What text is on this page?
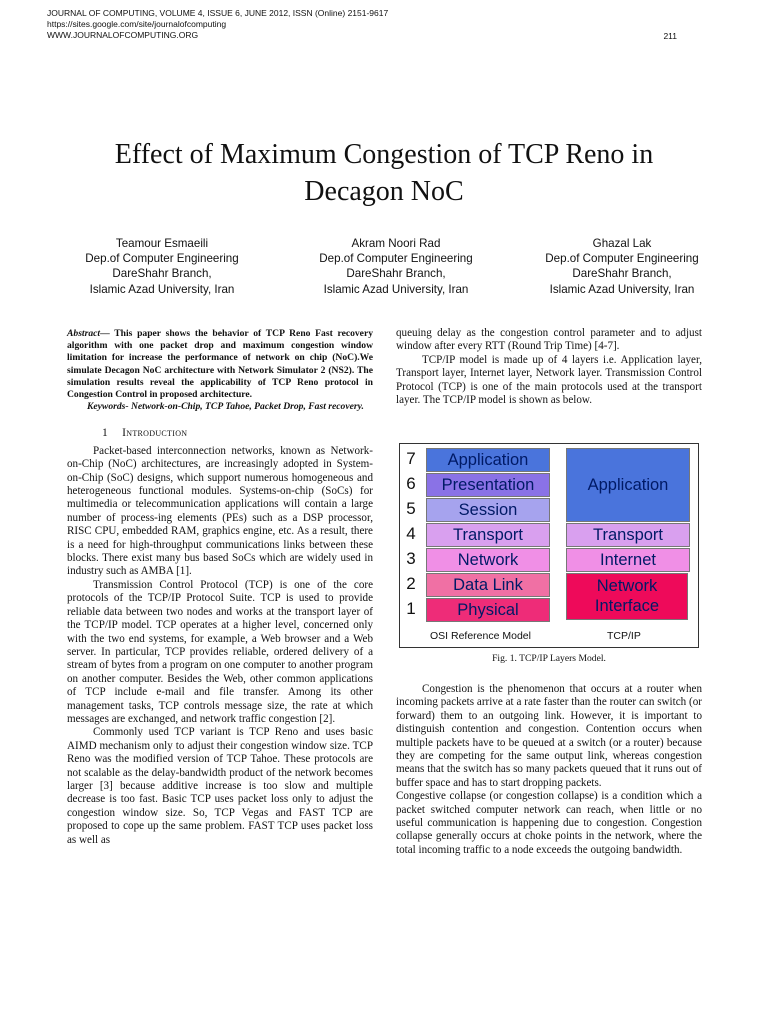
JOURNAL OF COMPUTING, VOLUME 4, ISSUE 6, JUNE 2012, ISSN (Online) 2151-9617
https://sites.google.com/site/journalofcomputing
WWW.JOURNALOFCOMPUTING.ORG	211
Effect of Maximum Congestion of TCP Reno in
Decagon NoC
Teamour Esmaeili
Dep.of Computer Engineering
DareShahr Branch,
Islamic Azad University, Iran
Akram Noori Rad
Dep.of Computer Engineering
DareShahr Branch,
Islamic Azad University, Iran
Ghazal Lak
Dep.of Computer Engineering
DareShahr Branch,
Islamic Azad University, Iran

Abstract— This paper shows the behavior of TCP Reno Fast recovery algorithm with one packet drop and maximum congestion window limitation for increase the performance of network on chip (NoC).We simulate Decagon NoC architecture with Network Simulator 2 (NS2). The simulation results reveal the applicability of TCP Reno protocol in Congestion Control in proposed architecture.

Keywords- Network-on-Chip, TCP Tahoe, Packet Drop, Fast recovery.

1 Introduction

Packet-based interconnection networks, known as Network-on-Chip (NoC) architectures, are increasingly adopted in System-on-Chip (SoC) designs, which support numerous homogeneous and heterogeneous functional modules. Systems-on-chip (SoCs) for multimedia or telecommunication applications will contain a large number of process-ing elements (PEs) such as a DSP processor, RISC CPU, embedded RAM, graphics engine, etc. As a result, there is a need for high-throughput communications links between these blocks. There exist many bus based SoCs which are widely used in industry such as AMBA [1].

Transmission Control Protocol (TCP) is one of the core protocols of the TCP/IP Protocol Suite. TCP is used to provide reliable data between two nodes and works at the transport layer of the TCP/IP model. TCP operates at a higher level, concerned only with the two end systems, for example, a Web browser and a Web server. In particular, TCP provides reliable, ordered delivery of a stream of bytes from a program on one computer to another program on another computer. Besides the Web, other common applications of TCP include e-mail and file transfer. Among its other management tasks, TCP controls message size, the rate at which messages are exchanged, and network traffic congestion [2].

Commonly used TCP variant is TCP Reno and uses basic AIMD mechanism only to adjust their congestion window size. TCP Reno was the modified version of TCP Tahoe. These protocols are not scalable as the delay-bandwidth product of the network becomes larger [3] because additive increase is too slow and multiple decrease is too fast. Basic TCP uses packet loss only to adjust the congestion window size. So, TCP Vegas and FAST TCP are proposed to cope up the same problem. FAST TCP uses packet loss as well as

queuing delay as the congestion control parameter and to adjust window after every RTT (Round Trip Time) [4-7].

TCP/IP model is made up of 4 layers i.e. Application layer, Transport layer, Internet layer, Network layer. Transmission Control Protocol (TCP) is one of the main protocols used at the transport layer. The TCP/IP model is shown as below.

7
6
5
4
3
2
1
Application
Presentation
Session
Transport
Network
Data Link
Physical
Application
Transport
Internet
Network
Interface
OSI Reference Model	TCP/IP
Fig. 1. TCP/IP Layers Model.

Congestion is the phenomenon that occurs at a router when incoming packets arrive at a rate faster than the router can switch (or forward) them to an outgoing link. However, it is important to distinguish contention and congestion. Contention occurs when multiple packets have to be queued at a switch (or a router) because they are competing for the same output link, whereas congestion means that the switch has so many packets queued that it runs out of buffer space and has to start dropping packets.

Congestive collapse (or congestion collapse) is a condition which a packet switched computer network can reach, when little or no useful communication is happening due to congestion. Congestion collapse generally occurs at choke points in the network, where the total incoming traffic to a node exceeds the outgoing bandwidth.
